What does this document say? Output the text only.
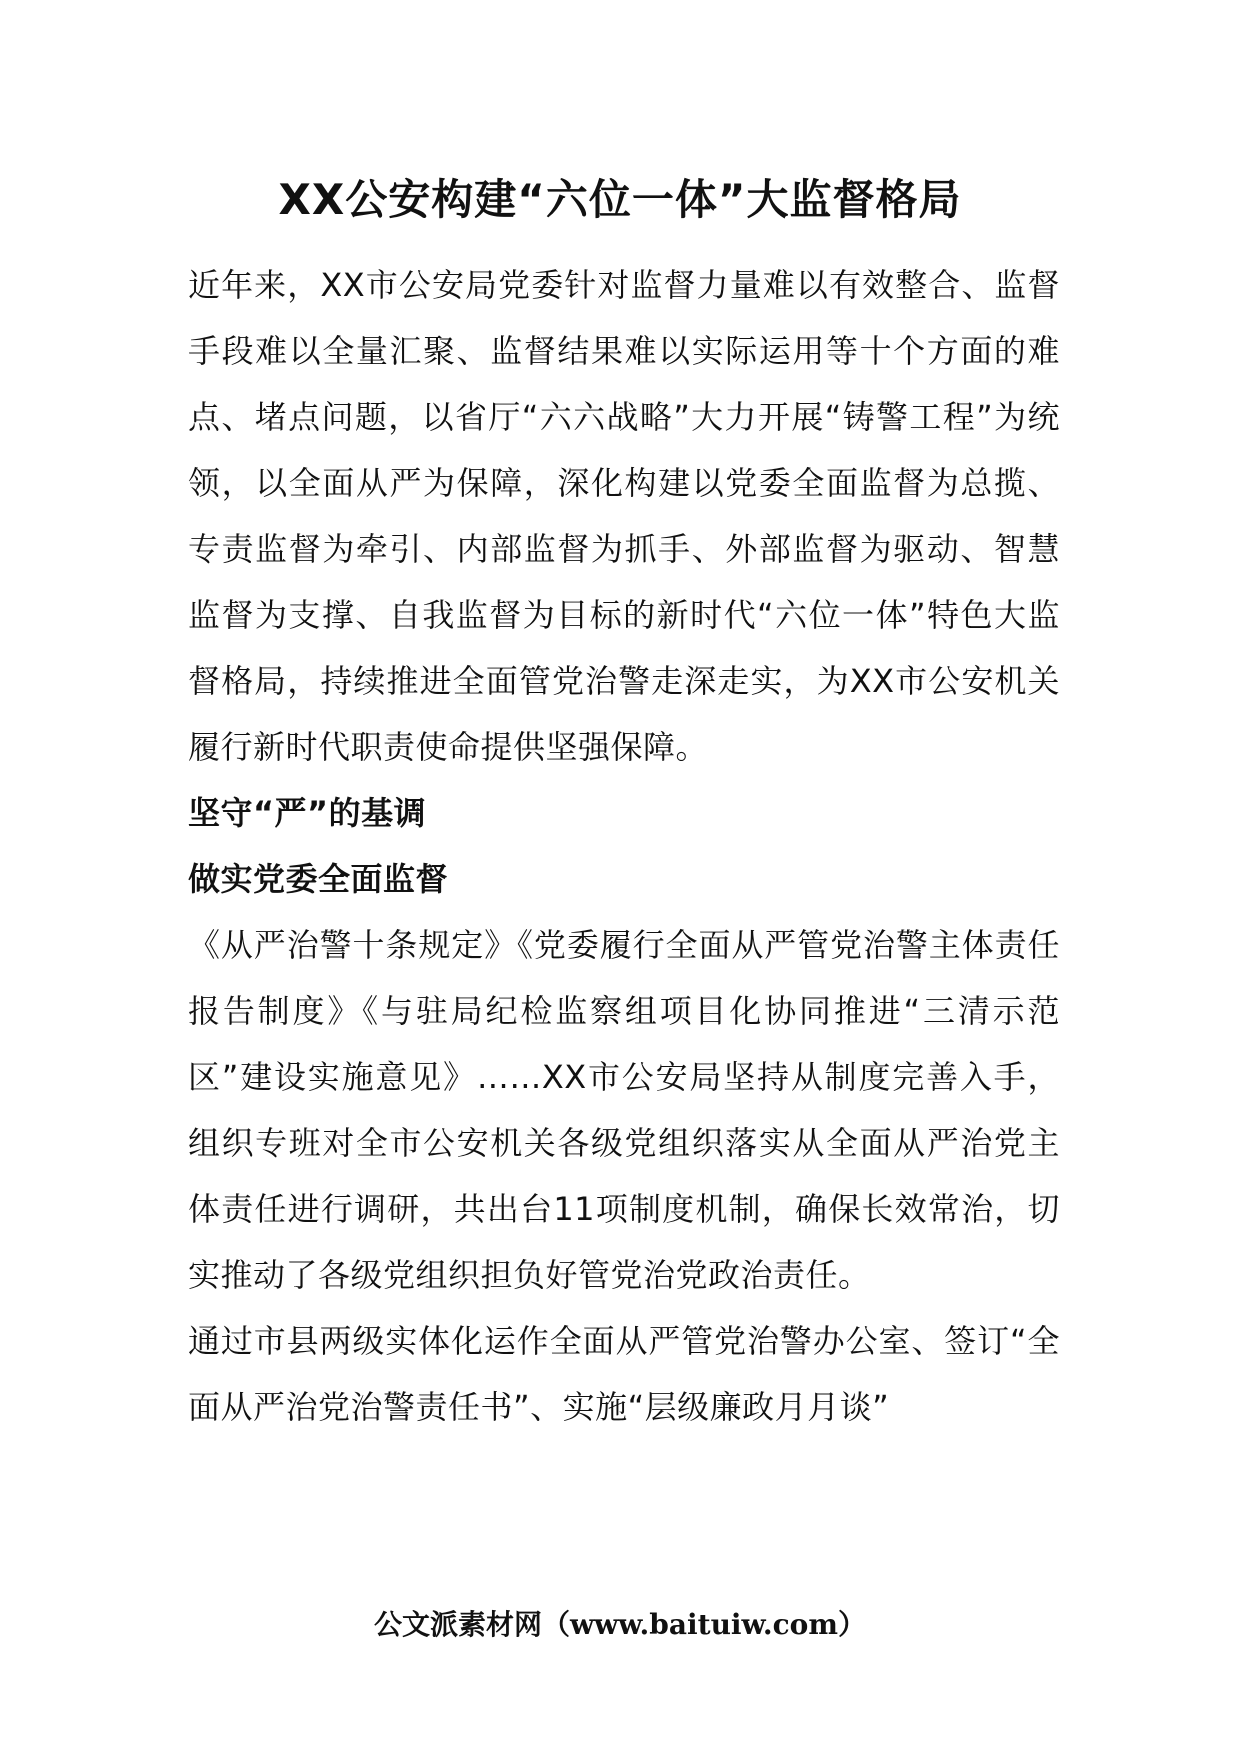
XX公安构建“六位一体”大监督格局

近年来，XX市公安局党委针对监督力量难以有效整合、监督手段难以全量汇聚、监督结果难以实际运用等十个方面的难点、堵点问题，以省厅“六六战略”大力开展“铸警工程”为统领，以全面从严为保障，深化构建以党委全面监督为总揽、专责监督为牵引、内部监督为抓手、外部监督为驱动、智慧监督为支撑、自我监督为目标的新时代“六位一体”特色大监督格局，持续推进全面管党治警走深走实，为XX市公安机关履行新时代职责使命提供坚强保障。

坚守“严”的基调

做实党委全面监督

《从严治警十条规定》《党委履行全面从严管党治警主体责任报告制度》《与驻局纪检监察组项目化协同推进“三清示范区”建设实施意见》……XX市公安局坚持从制度完善入手，组织专班对全市公安机关各级党组织落实从全面从严治党主体责任进行调研，共出台11项制度机制，确保长效常治，切实推动了各级党组织担负好管党治党政治责任。

通过市县两级实体化运作全面从严管党治警办公室、签订“全面从严治党治警责任书”、实施“层级廉政月月谈”

公文派素材网（www.baituiw.com）
